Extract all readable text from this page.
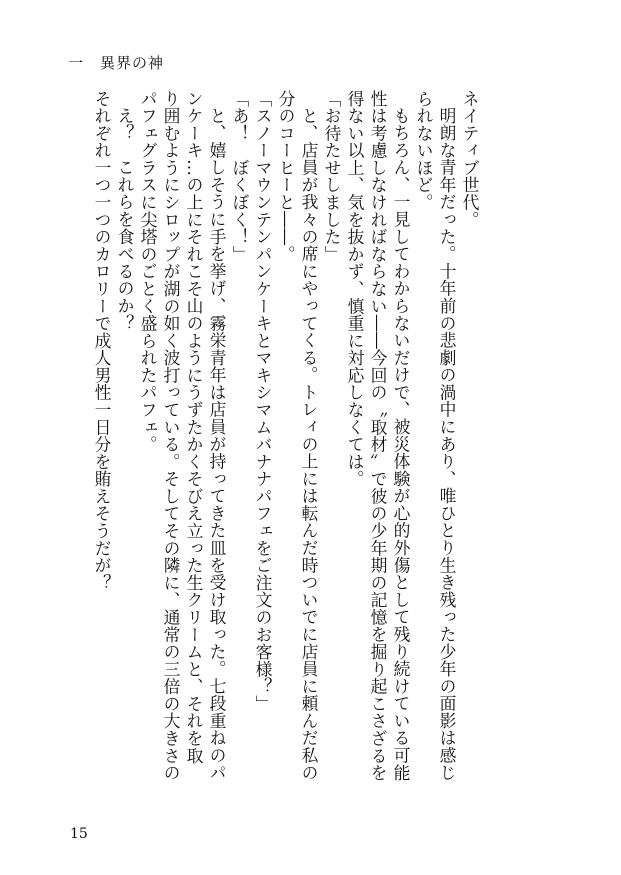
一　異界の神

ネイティブ世代。

明朗な青年だった。十年前の悲劇の渦中にあり、唯ひとり生き残った少年の面影は感じ

られないほど。

もちろん、一見してわからないだけで、被災体験が心的外傷として残り続けている可能

性は考慮しなければならない――今回の〝取材〟で彼の少年期の記憶を掘り起こさざるを

得ない以上、気を抜かず、慎重に対応しなくては。

「お待たせしました」

と、店員が我々の席にやってくる。トレィの上には転んだ時ついでに店員に頼んだ私の

分のコーヒーと――。

「スノーマウンテンパンケーキとマキシマムバナナパフェをご注文のお客様？」

「あ！　ぼくぼく！」

と、嬉しそうに手を挙げ、霧栄青年は店員が持ってきた皿を受け取った。七段重ねのパ

ンケーキ…の上にそれこそ山のようにうずたかくそびえ立った生クリームと、それを取

り囲むようにシロップが湖の如く波打っている。そしてその隣に、通常の三倍の大きさの

パフェグラスに尖塔のごとく盛られたパフェ。

え？　これらを食べるのか？

それぞれ一つ一つのカロリーで成人男性一日分を賄えそうだが？

15
